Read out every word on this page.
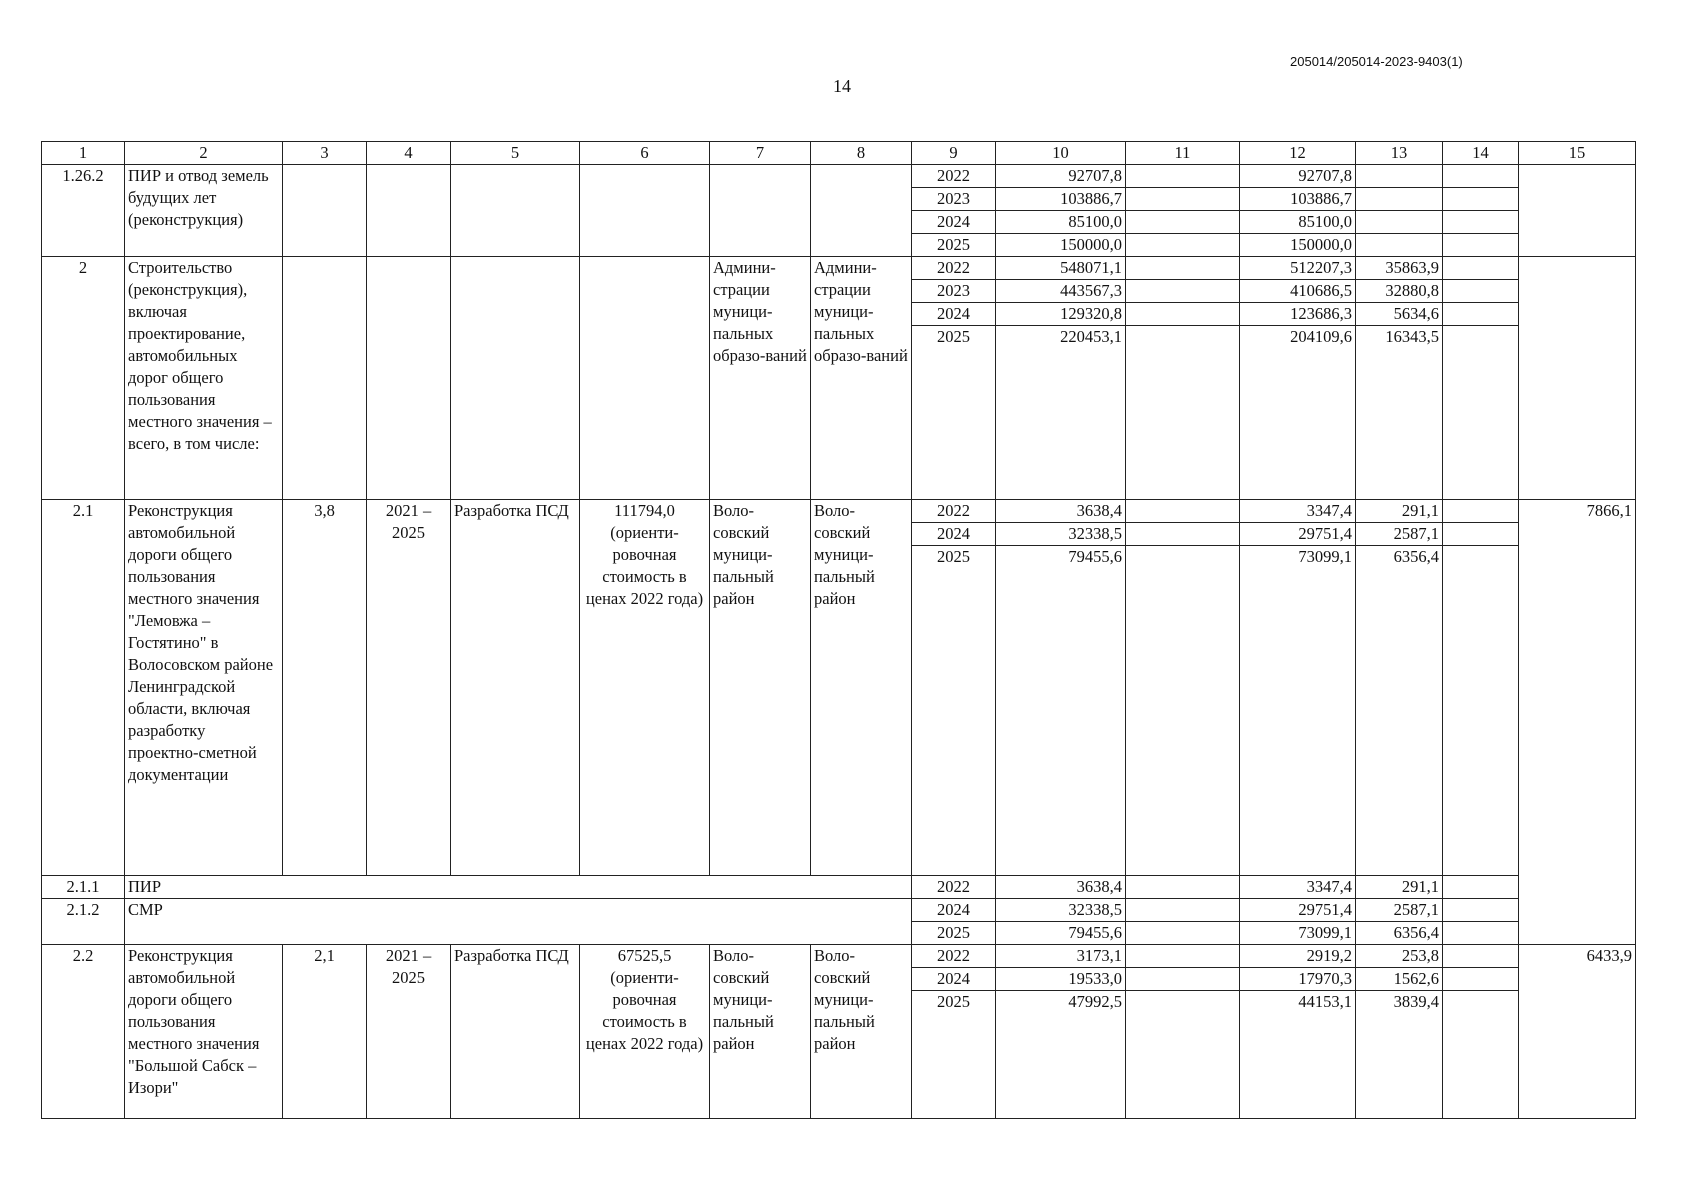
205014/205014-2023-9403(1)
14
1	2	3	4	5	6	7	8	9	10	11	12	13	14	15
1.26.2	ПИР и отвод земель будущих лет (реконструкция)							2022	92707,8		92707,8			
								2023	103886,7		103886,7			
								2024	85100,0		85100,0			
								2025	150000,0		150000,0			
2	Строительство (реконструкция), включая проектирование, автомобильных дорог общего пользования местного значения – всего, в том числе:					Админи-страции муници-пальных образо-ваний	Админи-страции муници-пальных образо-ваний	2022	548071,1		512207,3	35863,9		
								2023	443567,3		410686,5	32880,8		
								2024	129320,8		123686,3	5634,6		
								2025	220453,1		204109,6	16343,5		
2.1	Реконструкция автомобильной дороги общего пользования местного значения "Лемовжа – Гостятино" в Волосовском районе Ленинградской области, включая разработку проектно-сметной документации	3,8	2021 – 2025	Разработка ПСД	111794,0 (ориенти-ровочная стоимость в ценах 2022 года)	Воло-совский муници-пальный район	Воло-совский муници-пальный район	2022	3638,4		3347,4	291,1		7866,1
								2024	32338,5		29751,4	2587,1		
								2025	79455,6		73099,1	6356,4		
2.1.1	ПИР							2022	3638,4		3347,4	291,1		
2.1.2	СМР							2024	32338,5		29751,4	2587,1		
								2025	79455,6		73099,1	6356,4		
2.2	Реконструкция автомобильной дороги общего пользования местного значения "Большой Сабск – Изори"	2,1	2021 – 2025	Разработка ПСД	67525,5 (ориенти-ровочная стоимость в ценах 2022 года)	Воло-совский муници-пальный район	Воло-совский муници-пальный район	2022	3173,1		2919,2	253,8		6433,9
								2024	19533,0		17970,3	1562,6		
								2025	47992,5		44153,1	3839,4		
